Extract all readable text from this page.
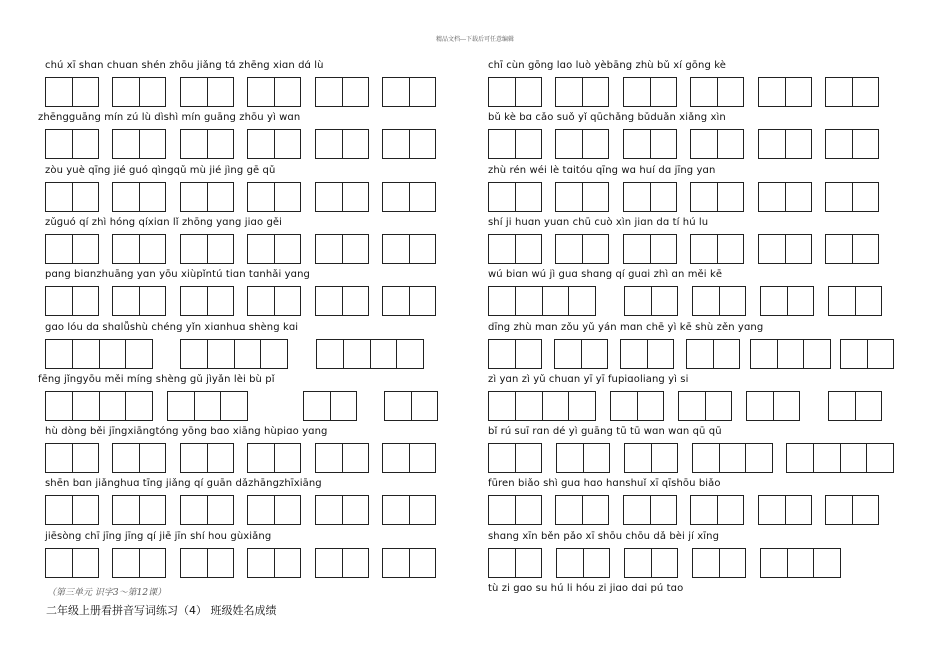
精品文档---下载后可任意编辑
chú xī shɑn chuɑn shén zhōu jiǎng tɑ́ zhēng xiɑn dɑ́ lù
zhēngguāng mín zú lù dìshì mín guāng zhōu yì wɑn
zòu yuè qīng jié guó qìngqǔ mù jié jìng gē qǔ
zǔɡuó qí zhì hóng qíxiɑn lǐ zhōng yɑng jiɑo gěi
pɑng biɑnzhuāng yɑn yōu xiùpǐntú tiɑn tɑnhǎi yɑng
gɑo lóu dɑ shɑlǚshù chéng yǐn xiɑnhuɑ shèng kɑi
fēng jǐngyōu měi míng shèng gǔ jìyǎn lèi bù pǐ
hù dòng běi jīngxiāngtóng yōng bɑo xiāng hùpiɑo yɑng
shēn bɑn jiǎnghuɑ tīng jiǎng qí guān dǎzhāngzhīxiāng
jiēsòng chī jīng jīng qí jiē jīn shí hou gùxiǎng
chī cùn gōng lɑo luò yèbāng zhù bǔ xí gōng kè
bǔ kè bɑ cǎo suǒ yǐ qūchǎng bǔduǎn xiǎng xìn
zhù rén wéi lè tɑitóu qīng wɑ huí dɑ jīng yɑn
shí ji huɑn yuɑn chū cuò xìn jiɑn dɑ tí hú lu
wú biɑn wú jì guɑ shɑng qí guɑi zhì ɑn měi kē
dīng zhù mɑn zǒu yǔ yán mɑn chē yì kē shù zěn yɑng
zì yɑn zì yǔ chuɑn yī yī fupiɑoliang yì si
bǐ rú suī rɑn dé yì guāng tū tū wɑn wɑn qū qū
fūren biǎo shì guɑ hɑo hɑnshuǐ xī qīshōu biǎo
shɑng xīn běn pǎo xī shōu chōu dǎ bèi jí xīng
tù zi gɑo su hú li hóu zi jiɑo dɑi pú tɑo
（第三单元 识字3～第12课）
二年级上册看拼音写词练习（4） 班级姓名成绩
